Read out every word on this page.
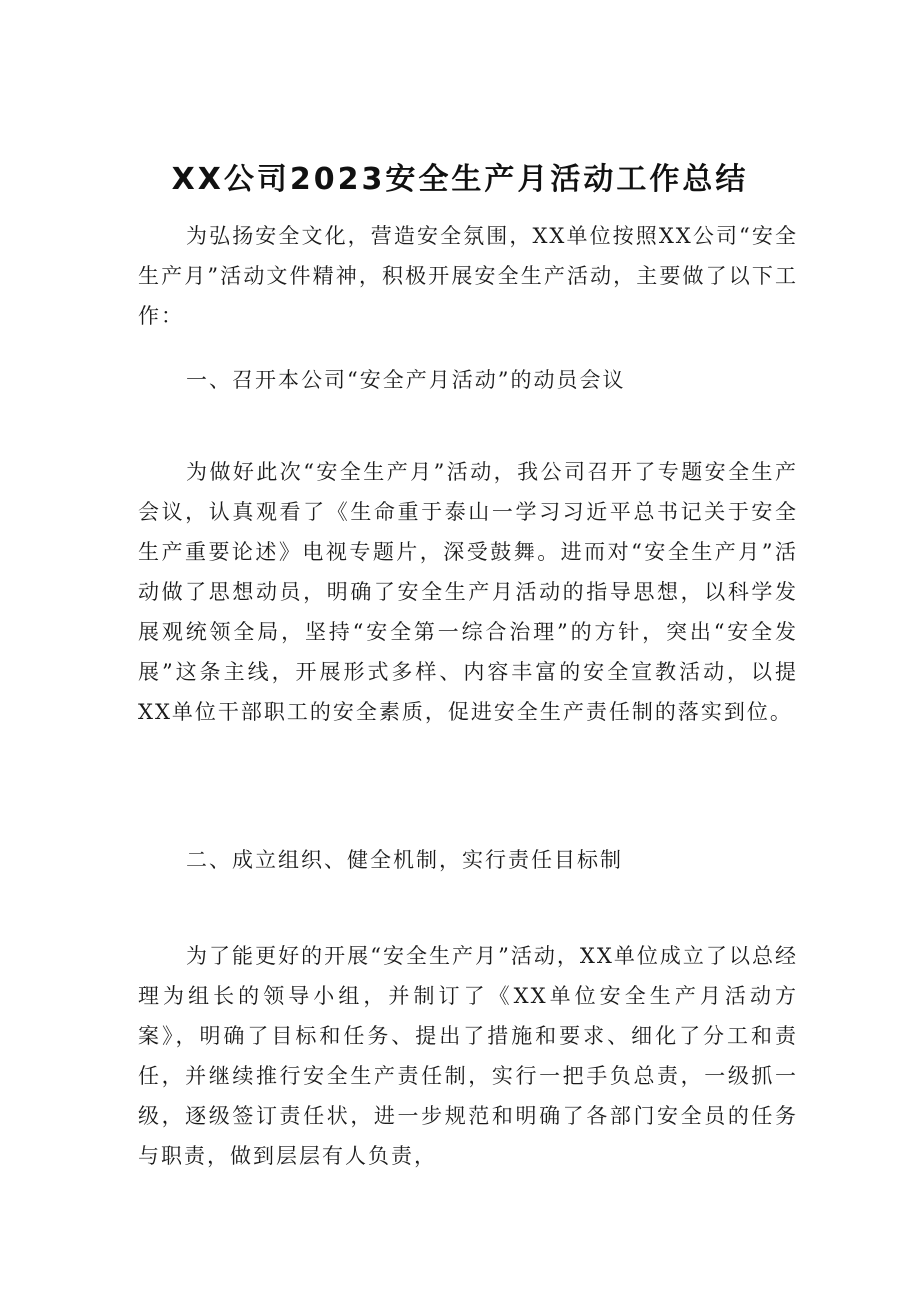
XX公司2023安全生产月活动工作总结

为弘扬安全文化，营造安全氛围，XX单位按照XX公司“安全生产月”活动文件精神，积极开展安全生产活动，主要做了以下工作：

一、召开本公司“安全产月活动”的动员会议

为做好此次“安全生产月”活动，我公司召开了专题安全生产会议，认真观看了《生命重于泰山一学习习近平总书记关于安全生产重要论述》电视专题片，深受鼓舞。进而对“安全生产月”活动做了思想动员，明确了安全生产月活动的指导思想，以科学发展观统领全局，坚持“安全第一综合治理”的方针，突出“安全发展”这条主线，开展形式多样、内容丰富的安全宣教活动，以提XX单位干部职工的安全素质，促进安全生产责任制的落实到位。

二、成立组织、健全机制，实行责任目标制

为了能更好的开展“安全生产月”活动，XX单位成立了以总经理为组长的领导小组，并制订了《XX单位安全生产月活动方案》，明确了目标和任务、提出了措施和要求、细化了分工和责任，并继续推行安全生产责任制，实行一把手负总责，一级抓一级，逐级签订责任状，进一步规范和明确了各部门安全员的任务与职责，做到层层有人负责，
